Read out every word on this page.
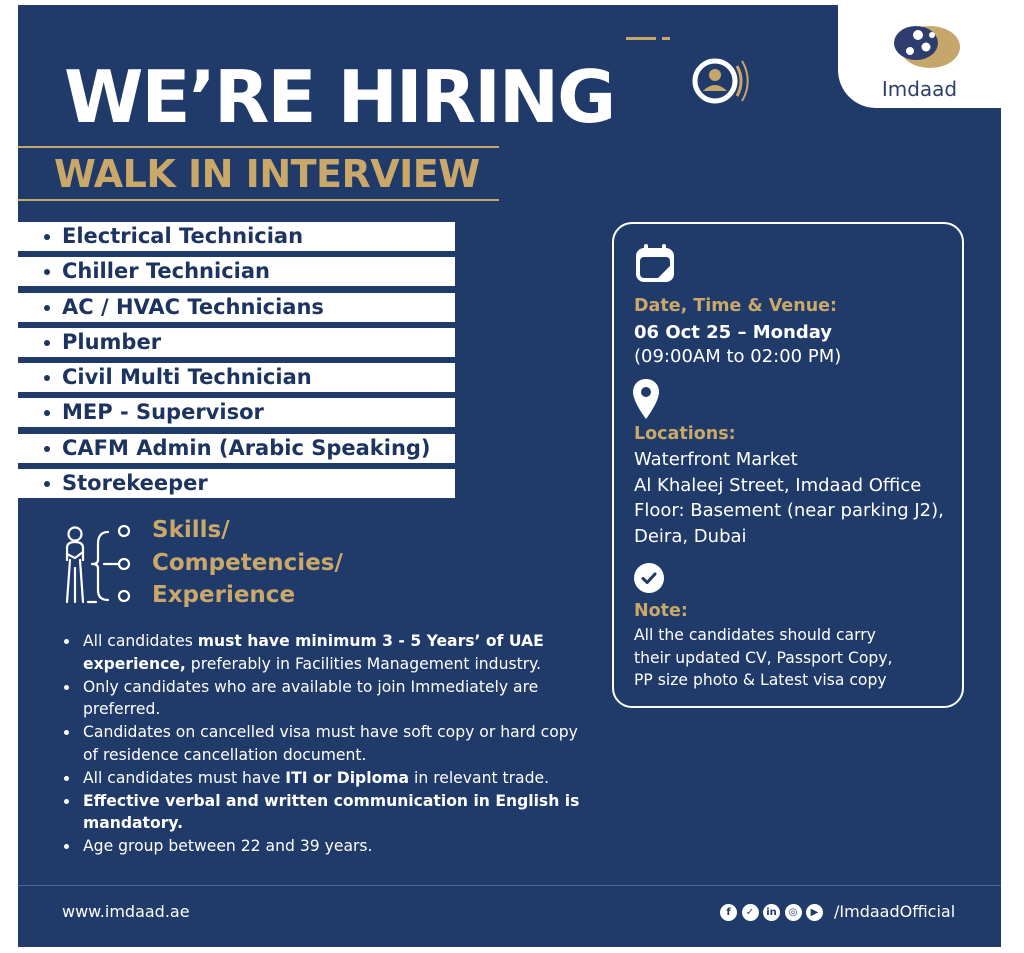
Imdaad
WE’RE HIRING
WALK IN INTERVIEW
Electrical Technician
Chiller Technician
AC / HVAC Technicians
Plumber
Civil Multi Technician
MEP - Supervisor
CAFM Admin (Arabic Speaking)
Storekeeper
Skills/
Competencies/
Experience
All candidates must have minimum 3 - 5 Years’ of UAE experience, preferably in Facilities Management industry.
Only candidates who are available to join Immediately are preferred.
Candidates on cancelled visa must have soft copy or hard copy of residence cancellation document.
All candidates must have ITI or Diploma in relevant trade.
Effective verbal and written communication in English is mandatory.
Age group between 22 and 39 years.
Date, Time & Venue:
06 Oct 25 – Monday
(09:00AM to 02:00 PM)
Locations:
Waterfront Market
Al Khaleej Street, Imdaad Office
Floor: Basement (near parking J2),
Deira, Dubai
Note:
All the candidates should carry
their updated CV, Passport Copy,
PP size photo & Latest visa copy
www.imdaad.ae	f	✓	in	◎	▶ /ImdaadOfficial
